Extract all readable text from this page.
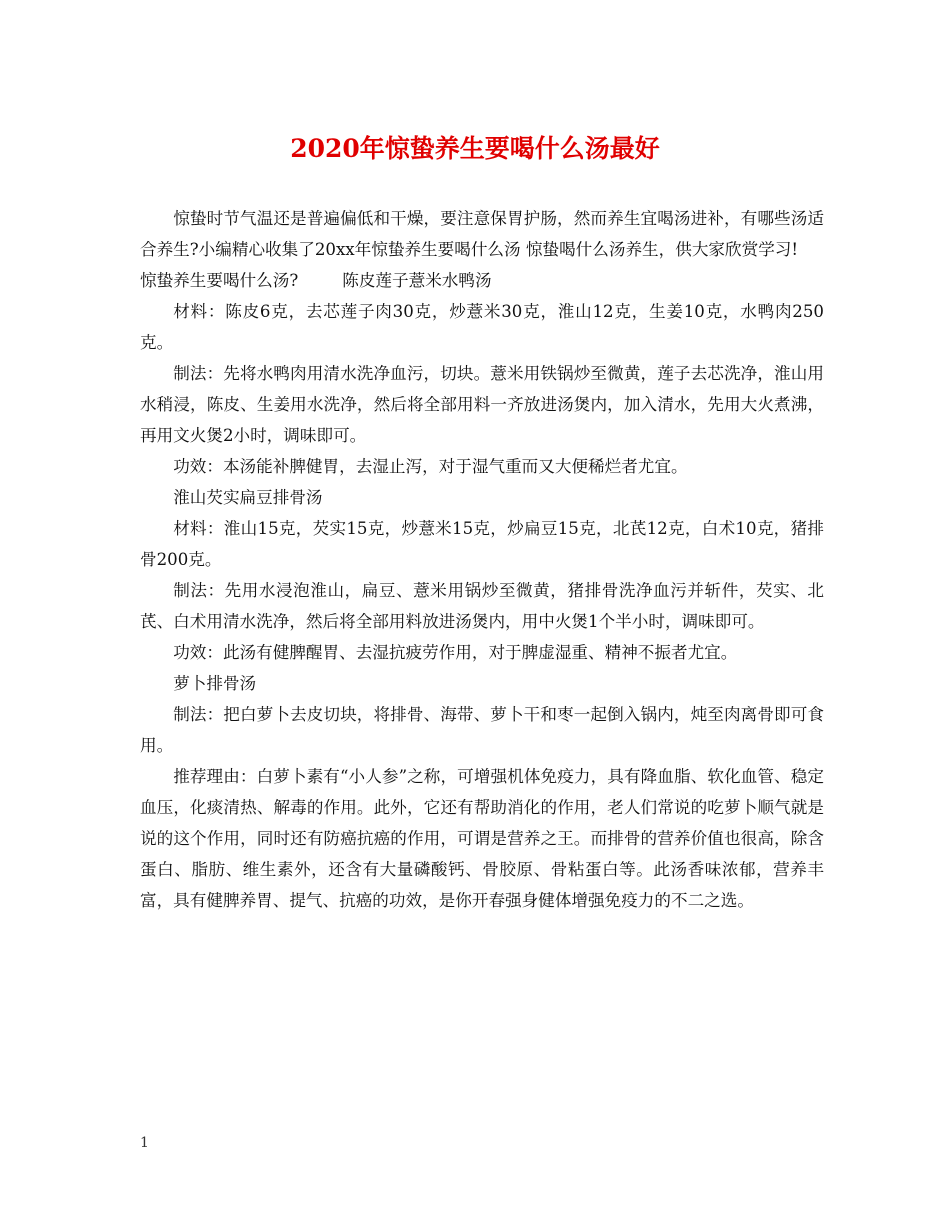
2020年惊蛰养生要喝什么汤最好

惊蛰时节气温还是普遍偏低和干燥，要注意保胃护肠，然而养生宜喝汤进补，有哪些汤适合养生?小编精心收集了20xx年惊蛰养生要喝什么汤 惊蛰喝什么汤养生，供大家欣赏学习!

惊蛰养生要喝什么汤?	陈皮莲子薏米水鸭汤

材料：陈皮6克，去芯莲子肉30克，炒薏米30克，淮山12克，生姜10克，水鸭肉250克。

制法：先将水鸭肉用清水洗净血污，切块。薏米用铁锅炒至微黄，莲子去芯洗净，淮山用水稍浸，陈皮、生姜用水洗净，然后将全部用料一齐放进汤煲内，加入清水，先用大火煮沸，再用文火煲2小时，调味即可。

功效：本汤能补脾健胃，去湿止泻，对于湿气重而又大便稀烂者尤宜。

淮山芡实扁豆排骨汤

材料：淮山15克，芡实15克，炒薏米15克，炒扁豆15克，北芪12克，白术10克，猪排骨200克。

制法：先用水浸泡淮山，扁豆、薏米用锅炒至微黄，猪排骨洗净血污并斩件，芡实、北芪、白术用清水洗净，然后将全部用料放进汤煲内，用中火煲1个半小时，调味即可。

功效：此汤有健脾醒胃、去湿抗疲劳作用，对于脾虚湿重、精神不振者尤宜。

萝卜排骨汤

制法：把白萝卜去皮切块，将排骨、海带、萝卜干和枣一起倒入锅内，炖至肉离骨即可食用。

推荐理由：白萝卜素有“小人参”之称，可增强机体免疫力，具有降血脂、软化血管、稳定血压，化痰清热、解毒的作用。此外，它还有帮助消化的作用，老人们常说的吃萝卜顺气就是说的这个作用，同时还有防癌抗癌的作用，可谓是营养之王。而排骨的营养价值也很高，除含蛋白、脂肪、维生素外，还含有大量磷酸钙、骨胶原、骨粘蛋白等。此汤香味浓郁，营养丰富，具有健脾养胃、提气、抗癌的功效，是你开春强身健体增强免疫力的不二之选。

1
